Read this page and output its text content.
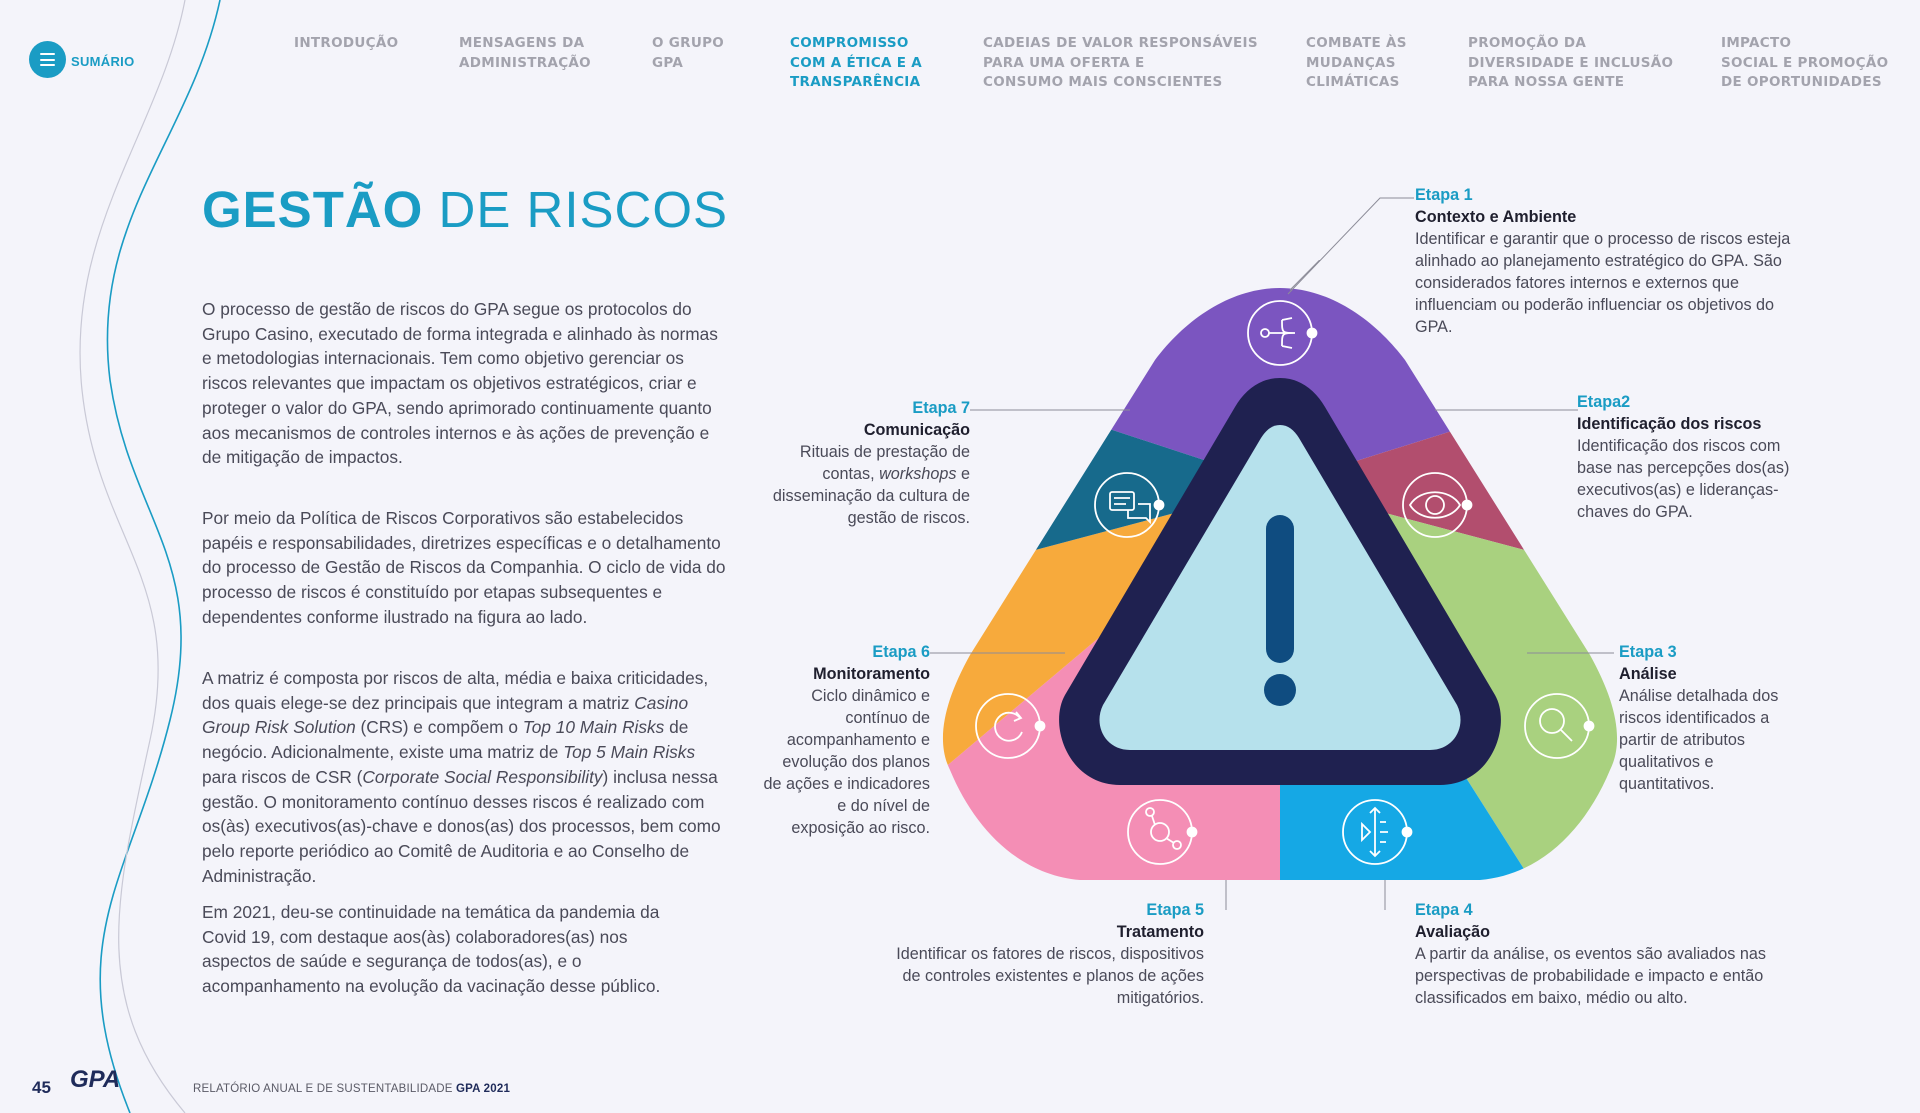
SUMÁRIO
INTRODUÇÃO	MENSAGENS DA
ADMINISTRAÇÃO
O GRUPO
GPA
COMPROMISSO
COM A ÉTICA E A
TRANSPARÊNCIA
CADEIAS DE VALOR RESPONSÁVEIS
PARA UMA OFERTA E
CONSUMO MAIS CONSCIENTES
COMBATE ÀS
MUDANÇAS
CLIMÁTICAS
PROMOÇÃO DA
DIVERSIDADE E INCLUSÃO
PARA NOSSA GENTE
IMPACTO
SOCIAL E PROMOÇÃO
DE OPORTUNIDADES
GESTÃO DE RISCOS

O processo de gestão de riscos do GPA segue os protocolos do Grupo Casino, executado de forma integrada e alinhado às normas e metodologias internacionais. Tem como objetivo gerenciar os riscos relevantes que impactam os objetivos estratégicos, criar e proteger o valor do GPA, sendo aprimorado continuamente quanto aos mecanismos de controles internos e às ações de prevenção e de mitigação de impactos.

Por meio da Política de Riscos Corporativos são estabelecidos papéis e responsabilidades, diretrizes específicas e o detalhamento do processo de Gestão de Riscos da Companhia. O ciclo de vida do processo de riscos é constituído por etapas subsequentes e dependentes conforme ilustrado na figura ao lado.

A matriz é composta por riscos de alta, média e baixa criticidades, dos quais elege-se dez principais que integram a matriz Casino Group Risk Solution (CRS) e compõem o Top 10 Main Risks de negócio. Adicionalmente, existe uma matriz de Top 5 Main Risks para riscos de CSR (Corporate Social Responsibility) inclusa nessa gestão. O monitoramento contínuo desses riscos é realizado com os(às) executivos(as)-chave e donos(as) dos processos, bem como pelo reporte periódico ao Comitê de Auditoria e ao Conselho de Administração.

Em 2021, deu-se continuidade na temática da pandemia da Covid 19, com destaque aos(às) colaboradores(as) nos aspectos de saúde e segurança de todos(as), e o acompanhamento na evolução da vacinação desse público.

Etapa 1
Contexto e Ambiente

Identificar e garantir que o processo de riscos esteja alinhado ao planejamento estratégico do GPA. São considerados fatores internos e externos que influenciam ou poderão influenciar os objetivos do GPA.

Etapa2
Identificação dos riscos

Identificação dos riscos com base nas percepções dos(as) executivos(as) e lideranças-chaves do GPA.

Etapa 3
Análise

Análise detalhada dos riscos identificados a partir de atributos qualitativos e quantitativos.

Etapa 4
Avaliação

A partir da análise, os eventos são avaliados nas perspectivas de probabilidade e impacto e então classificados em baixo, médio ou alto.

Etapa 5
Tratamento

Identificar os fatores de riscos, dispositivos de controles existentes e planos de ações mitigatórios.

Etapa 6
Monitoramento

Ciclo dinâmico e contínuo de acompanhamento e evolução dos planos de ações e indicadores e do nível de exposição ao risco.

Etapa 7
Comunicação

Rituais de prestação de contas, workshops e disseminação da cultura de gestão de riscos.

45 GPA	RELATÓRIO ANUAL E DE SUSTENTABILIDADE GPA 2021
